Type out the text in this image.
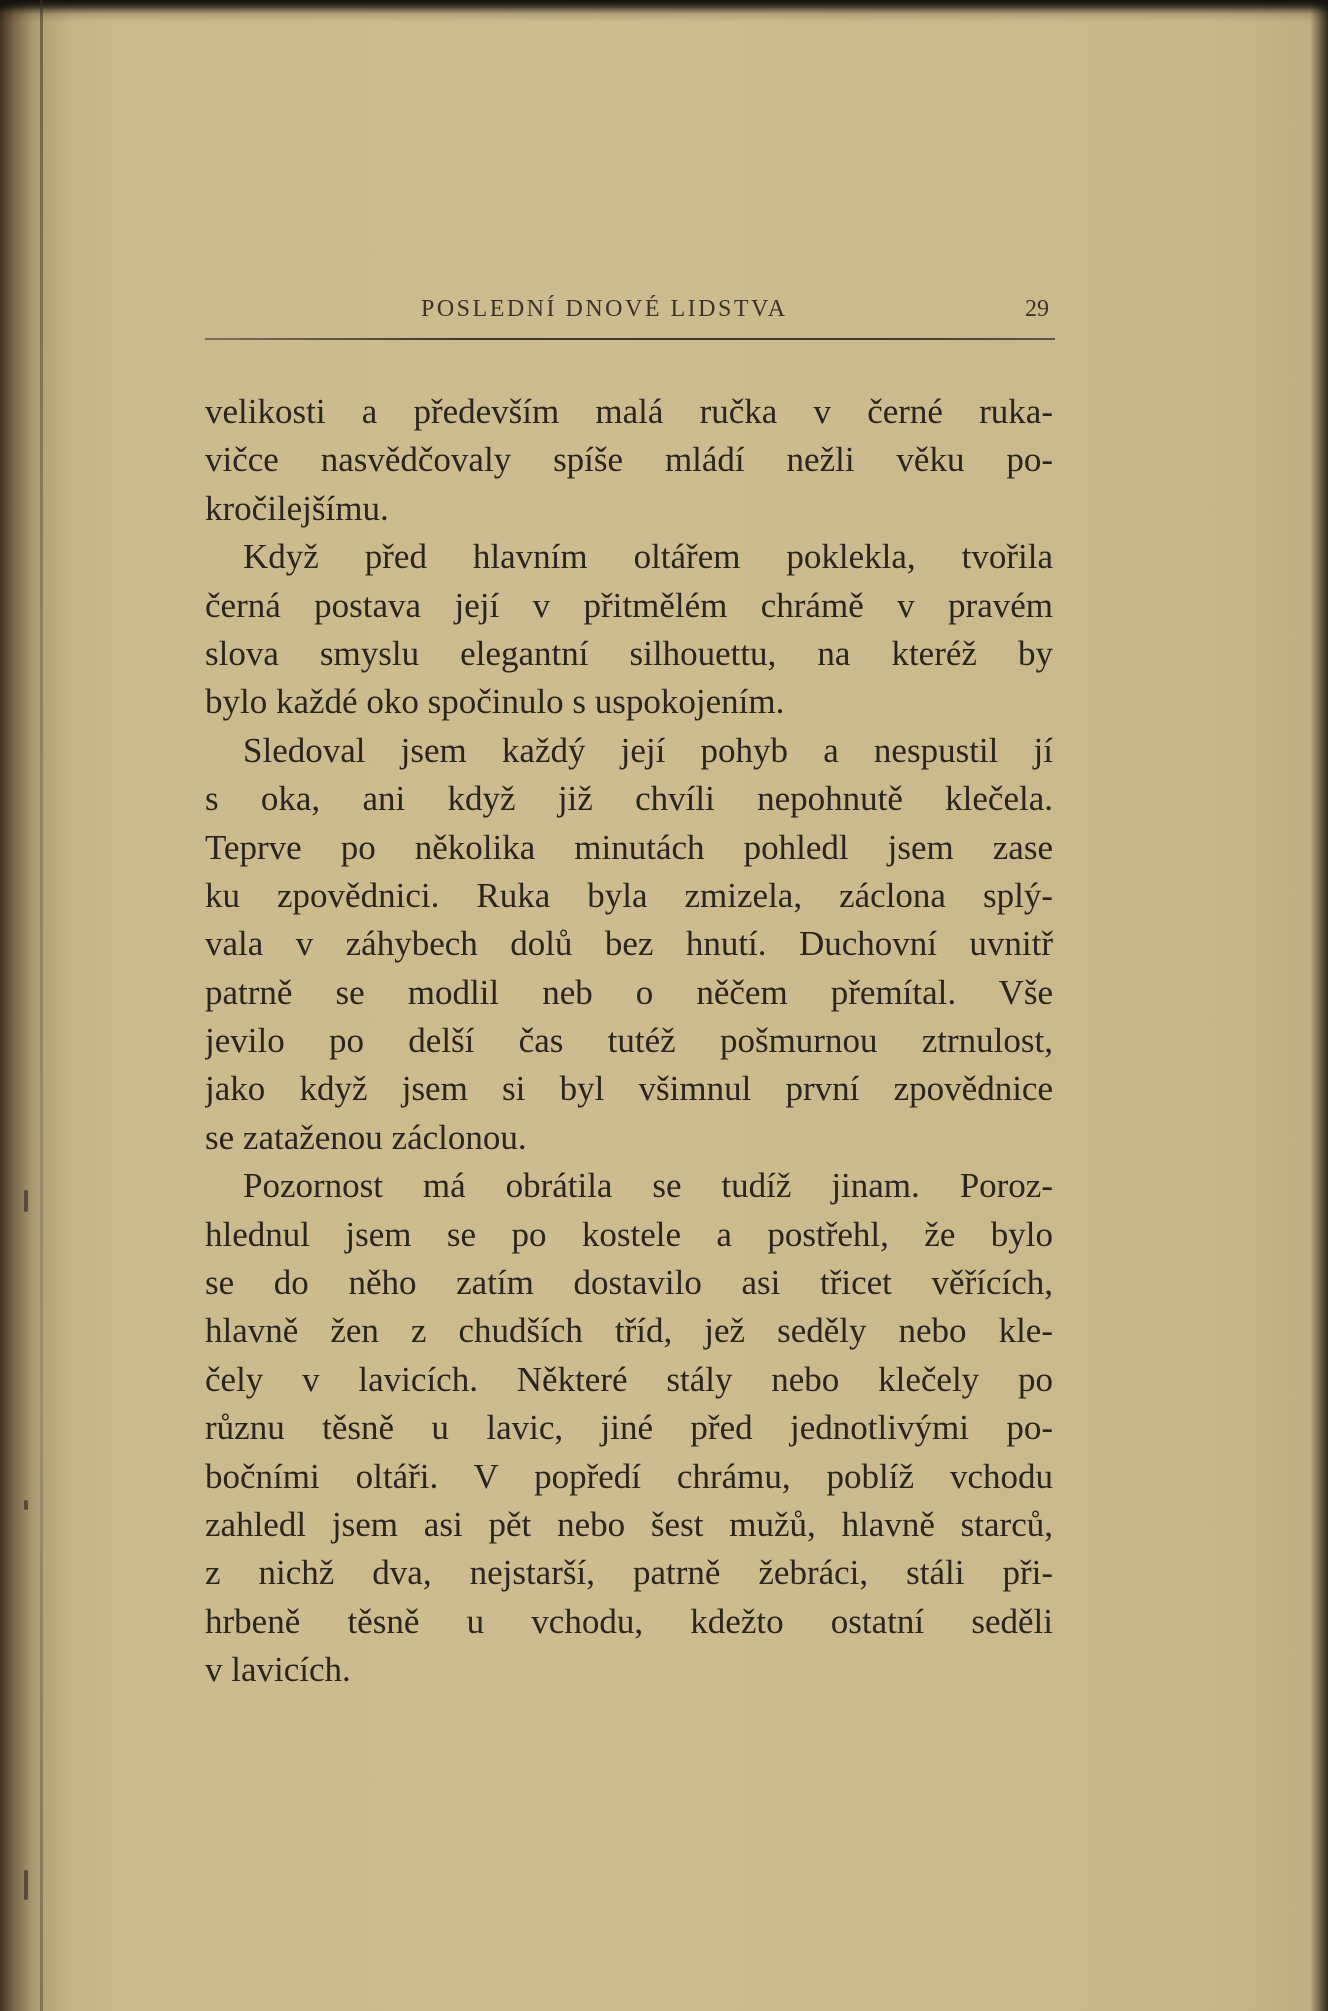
POSLEDNÍ DNOVÉ LIDSTVA	29
velikosti a především malá ručka v černé ruka-
vičce nasvědčovaly spíše mládí nežli věku po-
kročilejšímu.
Když před hlavním oltářem poklekla, tvořila
černá postava její v přitmělém chrámě v pravém
slova smyslu elegantní silhouettu, na kteréž by
bylo každé oko spočinulo s uspokojením.
Sledoval jsem každý její pohyb a nespustil jí
s oka, ani když již chvíli nepohnutě klečela.
Teprve po několika minutách pohledl jsem zase
ku zpovědnici. Ruka byla zmizela, záclona splý-
vala v záhybech dolů bez hnutí. Duchovní uvnitř
patrně se modlil neb o něčem přemítal. Vše
jevilo po delší čas tutéž pošmurnou ztrnulost,
jako když jsem si byl všimnul první zpovědnice
se zataženou záclonou.
Pozornost má obrátila se tudíž jinam. Poroz-
hlednul jsem se po kostele a postřehl, že bylo
se do něho zatím dostavilo asi třicet věřících,
hlavně žen z chudších tříd, jež seděly nebo kle-
čely v lavicích. Některé stály nebo klečely po
různu těsně u lavic, jiné před jednotlivými po-
bočními oltáři. V popředí chrámu, poblíž vchodu
zahledl jsem asi pět nebo šest mužů, hlavně starců,
z nichž dva, nejstarší, patrně žebráci, stáli při-
hrbeně těsně u vchodu, kdežto ostatní seděli
v lavicích.
